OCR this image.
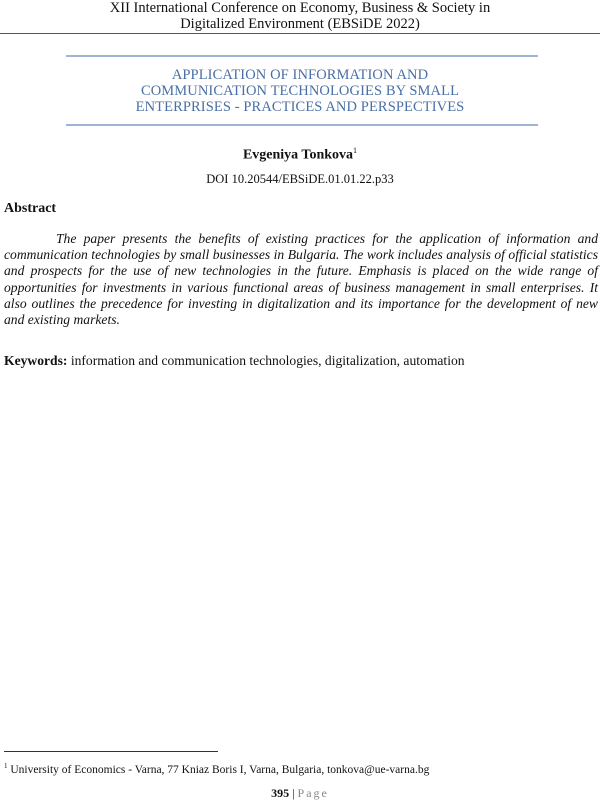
XII International Conference on Economy, Business & Society in
Digitalized Environment (EBSiDE 2022)
APPLICATION OF INFORMATION AND
COMMUNICATION TECHNOLOGIES BY SMALL
ENTERPRISES - PRACTICES AND PERSPECTIVES
Evgeniya Tonkova$^1$
DOI 10.20544/EBSiDE.01.01.22.p33
Abstract
The paper presents the benefits of existing practices for the application of information and communication technologies by small businesses in Bulgaria. The work includes analysis of official statistics and prospects for the use of new technologies in the future. Emphasis is placed on the wide range of opportunities for investments in various functional areas of business management in small enterprises. It also outlines the precedence for investing in digitalization and its importance for the development of new and existing markets.
Keywords: information and communication technologies, digitalization, automation
$^1$ University of Economics - Varna, 77 Kniaz Boris I, Varna, Bulgaria, tonkova@ue-varna.bg
395 | Page
